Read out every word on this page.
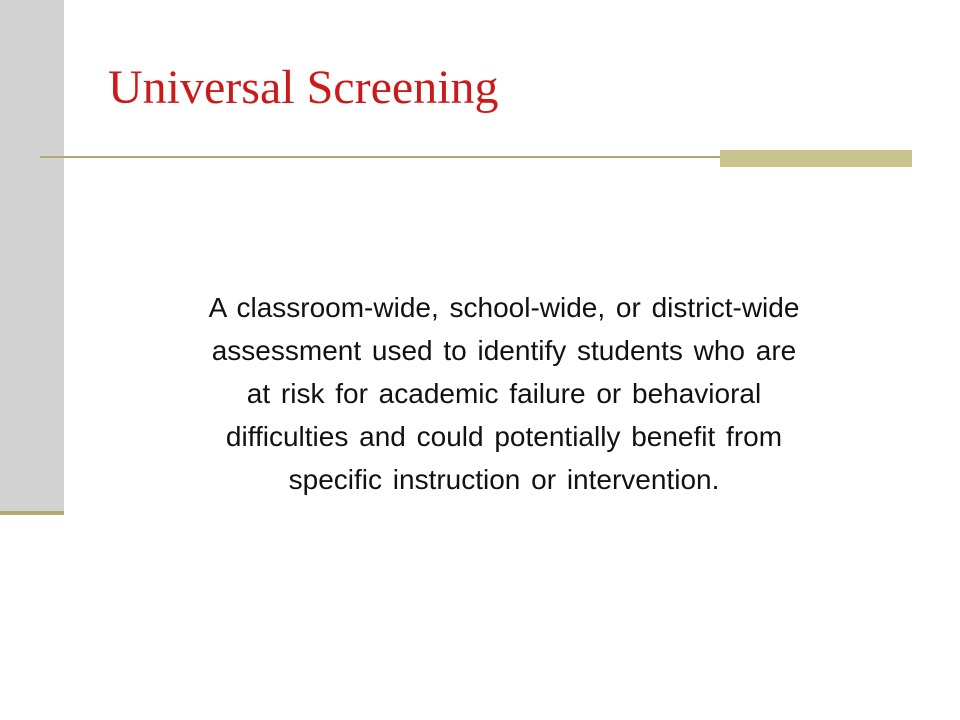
Universal Screening

A classroom-wide, school-wide, or district-wide
assessment used to identify students who are
at risk for academic failure or behavioral
difficulties and could potentially benefit from
specific instruction or intervention.
